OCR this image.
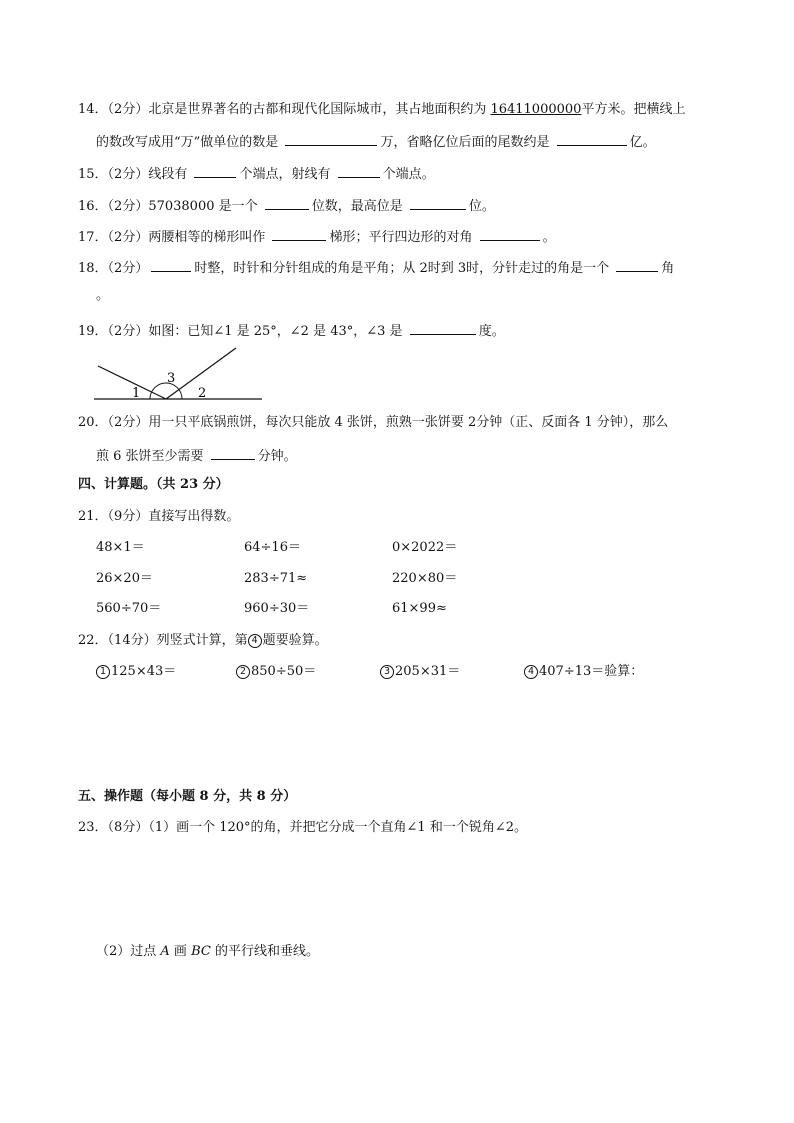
14．（2分）北京是世界著名的古都和现代化国际城市，其占地面积约为 16411000000平方米。把横线上
的数改写成用“万”做单位的数是	万，省略亿位后面的尾数约是	亿。
15．（2分）线段有	个端点，射线有	个端点。
16．（2分）57038000 是一个	位数，最高位是	位。
17．（2分）两腰相等的梯形叫作	梯形；平行四边形的对角	。
18．（2分）	时整，时针和分针组成的角是平角；从 2时到 3时，分针走过的角是一个	角
。
19．（2分）如图：已知∠1 是 25°，∠2 是 43°，∠3 是	度。
1	2
3
20．（2分）用一只平底锅煎饼，每次只能放 4 张饼，煎熟一张饼要 2分钟（正、反面各 1 分钟），那么
煎 6 张饼至少需要	分钟。
四、计算题。（共 23 分）
21．（9分）直接写出得数。
48×1＝	64÷16＝	0×2022＝
26×20＝	283÷71≈	220×80＝
560÷70＝	960÷30＝	61×99≈
22．（14分）列竖式计算，第 4 题要验算。
1 125×43＝	2 850÷50＝	3 205×31＝	4 407÷13＝验算：
五、操作题（每小题 8 分，共 8 分）
23．（8分）（1）画一个 120°的角，并把它分成一个直角∠1 和一个锐角∠2。
（2）过点 A 画 BC 的平行线和垂线。
